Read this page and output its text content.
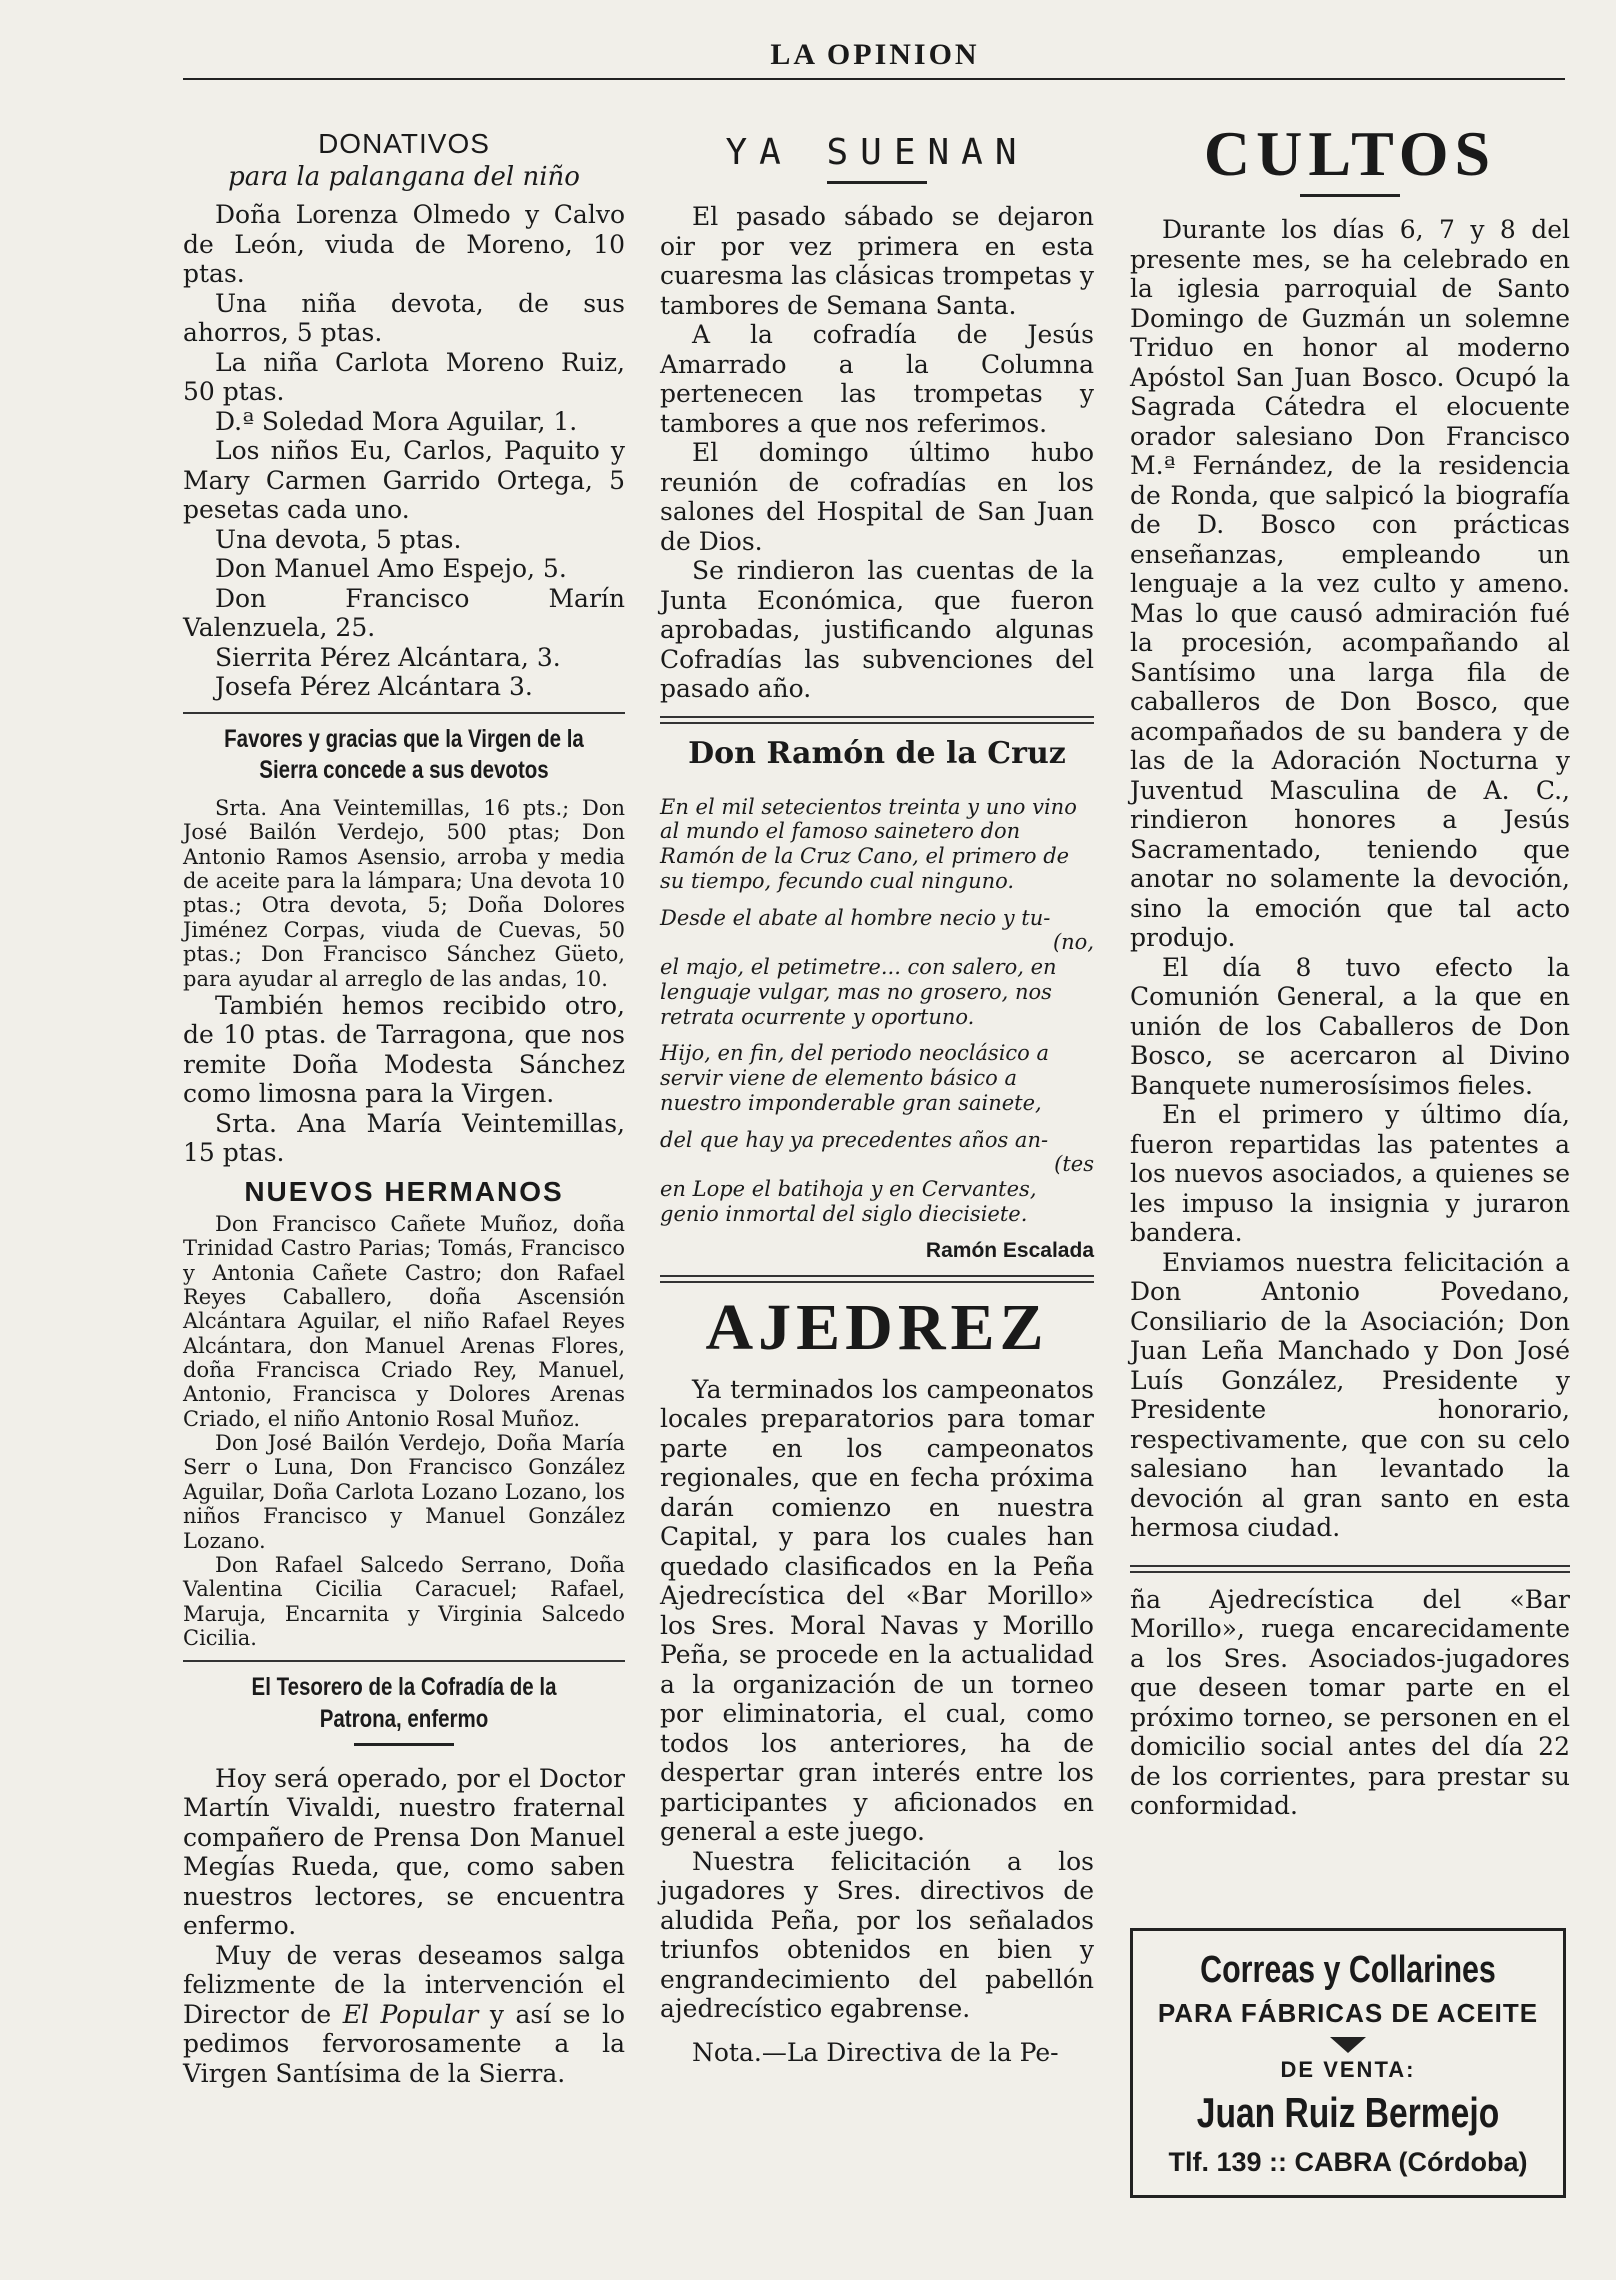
LA OPINION
DONATIVOS
para la palangana del niño

Doña Lorenza Olmedo y Calvo de León, viuda de Moreno, 10 ptas.

Una niña devota, de sus ahorros, 5 ptas.

La niña Carlota Moreno Ruiz, 50 ptas.

D.ª Soledad Mora Aguilar, 1.

Los niños Eu, Carlos, Paquito y Mary Carmen Garrido Ortega, 5 pesetas cada uno.

Una devota, 5 ptas.

Don Manuel Amo Espejo, 5.

Don Francisco Marín Valenzuela, 25.

Sierrita Pérez Alcántara, 3.

Josefa Pérez Alcántara 3.

Favores y gracias que la Virgen de la Sierra concede a sus devotos

Srta. Ana Veintemillas, 16 pts.; Don José Bailón Verdejo, 500 ptas; Don Antonio Ramos Asensio, arroba y media de aceite para la lámpara; Una devota 10 ptas.; Otra devota, 5; Doña Dolores Jiménez Corpas, viuda de Cuevas, 50 ptas.; Don Francisco Sánchez Güeto, para ayudar al arreglo de las andas, 10.

También hemos recibido otro, de 10 ptas. de Tarragona, que nos remite Doña Modesta Sánchez como limosna para la Virgen.

Srta. Ana María Veintemillas, 15 ptas.

NUEVOS HERMANOS

Don Francisco Cañete Muñoz, doña Trinidad Castro Parias; Tomás, Francisco y Antonia Cañete Castro; don Rafael Reyes Caballero, doña Ascensión Alcántara Aguilar, el niño Rafael Reyes Alcántara, don Manuel Arenas Flores, doña Francisca Criado Rey, Manuel, Antonio, Francisca y Dolores Arenas Criado, el niño Antonio Rosal Muñoz.

Don José Bailón Verdejo, Doña María Serr o Luna, Don Francisco González Aguilar, Doña Carlota Lozano Lozano, los niños Francisco y Manuel González Lozano.

Don Rafael Salcedo Serrano, Doña Valentina Cicilia Caracuel; Rafael, Maruja, Encarnita y Virginia Salcedo Cicilia.

El Tesorero de la Cofradía de la Patrona, enfermo

Hoy será operado, por el Doctor Martín Vivaldi, nuestro fraternal compañero de Prensa Don Manuel Megías Rueda, que, como saben nuestros lectores, se encuentra enfermo.

Muy de veras deseamos salga felizmente de la intervención el Director de El Popular y así se lo pedimos fervorosamente a la Virgen Santísima de la Sierra.

YA SUENAN

El pasado sábado se dejaron oir por vez primera en esta cuaresma las clásicas trompetas y tambores de Semana Santa.

A la cofradía de Jesús Amarrado a la Columna pertenecen las trompetas y tambores a que nos referimos.

El domingo último hubo reunión de cofradías en los salones del Hospital de San Juan de Dios.

Se rindieron las cuentas de la Junta Económica, que fueron aprobadas, justificando algunas Cofradías las subvenciones del pasado año.

Don Ramón de la Cruz

En el mil setecientos treinta y uno vino al mundo el famoso sainetero don Ramón de la Cruz Cano, el primero de su tiempo, fecundo cual ninguno.

Desde el abate al hombre necio y tu-
(no,
el majo, el petimetre... con salero, en lenguaje vulgar, mas no grosero, nos retrata ocurrente y oportuno.

Hijo, en fin, del periodo neoclásico a servir viene de elemento básico a nuestro imponderable gran sainete,

del que hay ya precedentes años an-
(tes
en Lope el batihoja y en Cervantes, genio inmortal del siglo diecisiete.

Ramón Escalada
AJEDREZ

Ya terminados los campeonatos locales preparatorios para tomar parte en los campeonatos regionales, que en fecha próxima darán comienzo en nuestra Capital, y para los cuales han quedado clasificados en la Peña Ajedrecística del «Bar Morillo» los Sres. Moral Navas y Morillo Peña, se procede en la actualidad a la organización de un torneo por eliminatoria, el cual, como todos los anteriores, ha de despertar gran interés entre los participantes y aficionados en general a este juego.

Nuestra felicitación a los jugadores y Sres. directivos de aludida Peña, por los señalados triunfos obtenidos en bien y engrandecimiento del pabellón ajedrecístico egabrense.

Nota.—La Directiva de la Pe-

CULTOS

Durante los días 6, 7 y 8 del presente mes, se ha celebrado en la iglesia parroquial de Santo Domingo de Guzmán un solemne Triduo en honor al moderno Apóstol San Juan Bosco. Ocupó la Sagrada Cátedra el elocuente orador salesiano Don Francisco M.ª Fernández, de la residencia de Ronda, que salpicó la biografía de D. Bosco con prácticas enseñanzas, empleando un lenguaje a la vez culto y ameno. Mas lo que causó admiración fué la procesión, acompañando al Santísimo una larga fila de caballeros de Don Bosco, que acompañados de su bandera y de las de la Adoración Nocturna y Juventud Masculina de A. C., rindieron honores a Jesús Sacramentado, teniendo que anotar no solamente la devoción, sino la emoción que tal acto produjo.

El día 8 tuvo efecto la Comunión General, a la que en unión de los Caballeros de Don Bosco, se acercaron al Divino Banquete numerosísimos fieles.

En el primero y último día, fueron repartidas las patentes a los nuevos asociados, a quienes se les impuso la insignia y juraron bandera.

Enviamos nuestra felicitación a Don Antonio Povedano, Consiliario de la Asociación; Don Juan Leña Manchado y Don José Luís González, Presidente y Presidente honorario, respectivamente, que con su celo salesiano han levantado la devoción al gran santo en esta hermosa ciudad.

ña Ajedrecística del «Bar Morillo», ruega encarecidamente a los Sres. Asociados-jugadores que deseen tomar parte en el próximo torneo, se personen en el domicilio social antes del día 22 de los corrientes, para prestar su conformidad.

Correas y Collarines
PARA FÁBRICAS DE ACEITE
DE VENTA:
Juan Ruiz Bermejo
Tlf. 139 :: CABRA (Córdoba)
